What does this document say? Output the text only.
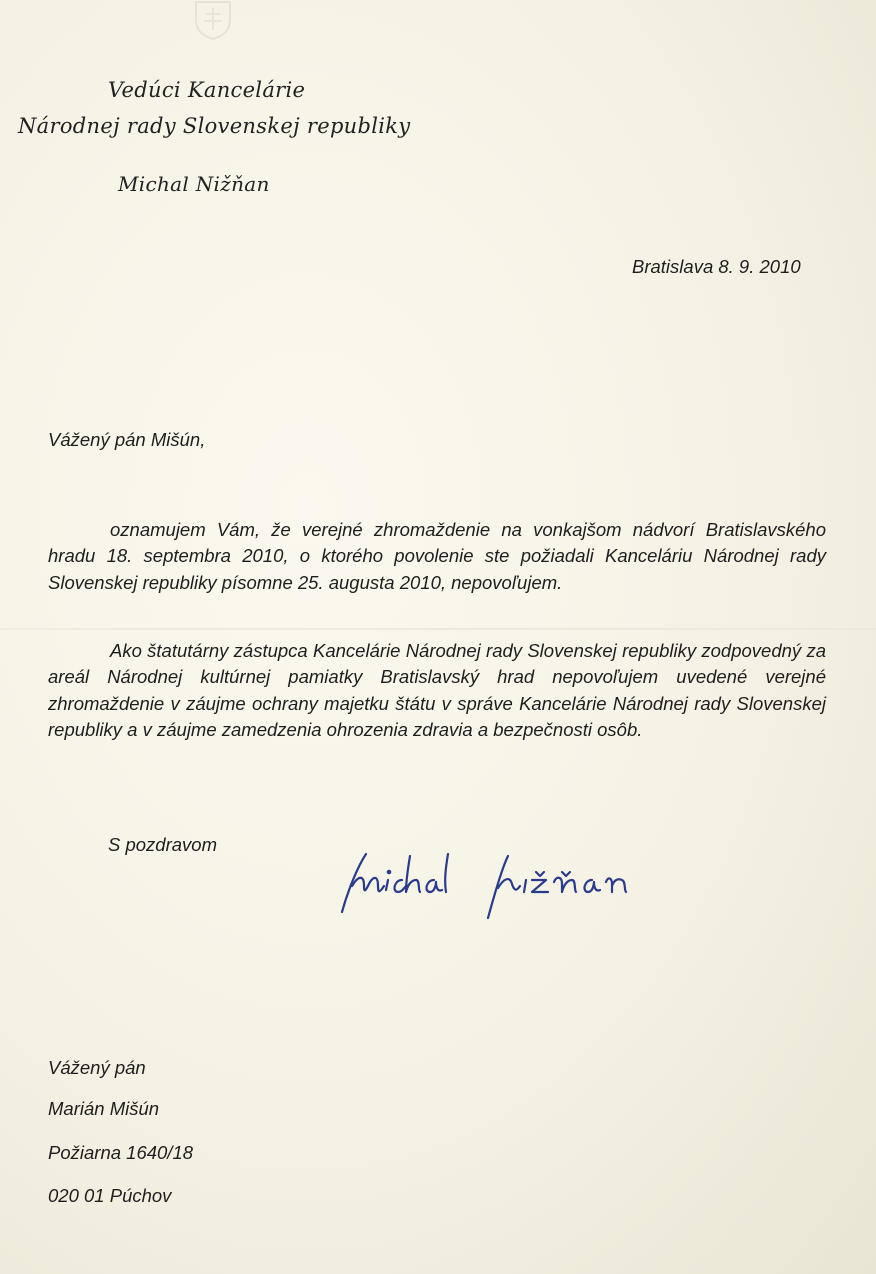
Vedúci Kancelárie
Národnej rady Slovenskej republiky
Michal Nižňan
Bratislava 8. 9. 2010
Vážený pán Mišún,

oznamujem Vám, že verejné zhromaždenie na vonkajšom nádvorí Bratislavského hradu 18. septembra 2010, o ktorého povolenie ste požiadali Kanceláriu Národnej rady Slovenskej republiky písomne 25. augusta 2010, nepovoľujem.

Ako štatutárny zástupca Kancelárie Národnej rady Slovenskej republiky zodpovedný za areál Národnej kultúrnej pamiatky Bratislavský hrad nepovoľujem uvedené verejné zhromaždenie v záujme ochrany majetku štátu v správe Kancelárie Národnej rady Slovenskej republiky a v záujme zamedzenia ohrozenia zdravia a bezpečnosti osôb.

S pozdravom
Vážený pán
Marián Mišún
Požiarna 1640/18
020 01 Púchov
